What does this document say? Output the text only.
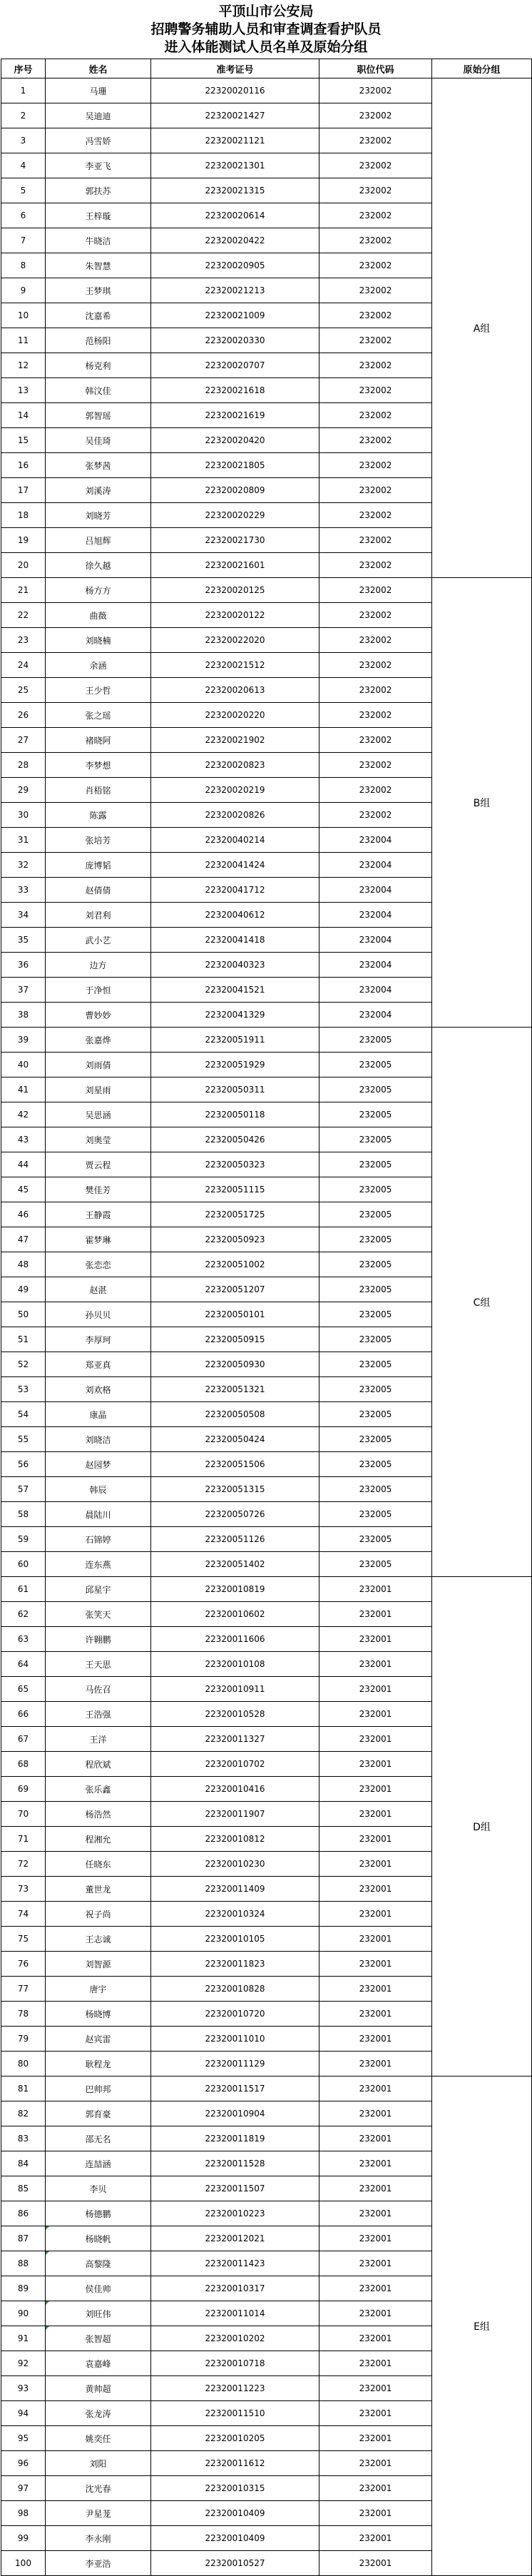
平顶山市公安局
招聘警务辅助人员和审查调查看护队员
进入体能测试人员名单及原始分组
序号	姓名	准考证号	职位代码	原始分组
1	马珊	22320020116	232002	A组
2	吴迪迪	22320021427	232002	
3	冯雪娇	22320021121	232002	
4	李亚飞	22320021301	232002	
5	郭扶苏	22320021315	232002	
6	王梓璇	22320020614	232002	
7	牛晓洁	22320020422	232002	
8	朱智慧	22320020905	232002	
9	王梦琪	22320021213	232002	
10	沈嘉希	22320021009	232002	
11	范杨阳	22320020330	232002	
12	杨克利	22320020707	232002	
13	韩汶佳	22320021618	232002	
14	郭智瑶	22320021619	232002	
15	吴佳琦	22320020420	232002	
16	张梦茜	22320021805	232002	
17	刘溪涛	22320020809	232002	
18	刘晓芳	22320020229	232002	
19	吕旭辉	22320021730	232002	
20	徐久越	22320021601	232002	
21	杨方方	22320020125	232002	B组
22	曲薇	22320020122	232002	
23	刘晓楠	22320022020	232002	
24	余涵	22320021512	232002	
25	王少哲	22320020613	232002	
26	张之瑶	22320020220	232002	
27	褚晓阿	22320021902	232002	
28	李梦想	22320020823	232002	
29	肖梧铭	22320020219	232002	
30	陈露	22320020826	232002	
31	张培芳	22320040214	232004	
32	庞博韬	22320041424	232004	
33	赵倩倩	22320041712	232004	
34	刘君利	22320040612	232004	
35	武小艺	22320041418	232004	
36	边方	22320040323	232004	
37	于净恒	22320041521	232004	
38	曹妙妙	22320041329	232004	
39	张嘉烨	22320051911	232005	C组
40	刘雨倩	22320051929	232005	
41	刘星雨	22320050311	232005	
42	吴思涵	22320050118	232005	
43	刘奥莹	22320050426	232005	
44	贾云程	22320050323	232005	
45	樊佳芳	22320051115	232005	
46	王静霞	22320051725	232005	
47	霍梦琳	22320050923	232005	
48	张恋恋	22320051002	232005	
49	赵湛	22320051207	232005	
50	孙贝贝	22320050101	232005	
51	李厚珂	22320050915	232005	
52	郑亚真	22320050930	232005	
53	刘欢格	22320051321	232005	
54	康晶	22320050508	232005	
55	刘晓洁	22320050424	232005	
56	赵园梦	22320051506	232005	
57	韩辰	22320051315	232005	
58	晨陆川	22320050726	232005	
59	石锦婷	22320051126	232005	
60	连东燕	22320051402	232005	
61	邱星宇	22320010819	232001	D组
62	张笑天	22320010602	232001	
63	许翱鹏	22320011606	232001	
64	王天思	22320010108	232001	
65	马佐召	22320010911	232001	
66	王浩强	22320010528	232001	
67	王洋	22320011327	232001	
68	程欣斌	22320010702	232001	
69	张乐鑫	22320010416	232001	
70	杨浩然	22320011907	232001	
71	程湘允	22320010812	232001	
72	任晓东	22320010230	232001	
73	董世龙	22320011409	232001	
74	祝子尚	22320010324	232001	
75	王志诚	22320010105	232001	
76	刘智源	22320011823	232001	
77	唐宇	22320010828	232001	
78	杨晓博	22320010720	232001	
79	赵宾雷	22320011010	232001	
80	耿程龙	22320011129	232001	
81	巴帅邦	22320011517	232001	E组
82	郭育豪	22320010904	232001	
83	邵无名	22320011819	232001	
84	连喆涵	22320011528	232001	
85	李贝	22320011507	232001	
86	杨德鹏	22320010223	232001	
87	杨晓帆	22320012021	232001	
88	高黎隆	22320011423	232001	
89	侯佳帅	22320010317	232001	
90	刘旺伟	22320011014	232001	
91	张智超	22320010202	232001	
92	袁嘉峰	22320010718	232001	
93	黄帅超	22320011223	232001	
94	张龙涛	22320011510	232001	
95	姚奕任	22320010205	232001	
96	刘阳	22320011612	232001	
97	沈光春	22320010315	232001	
98	尹星茏	22320010409	232001	
99	李永刚	22320010409	232001	
100	李亚浩	22320010527	232001	
